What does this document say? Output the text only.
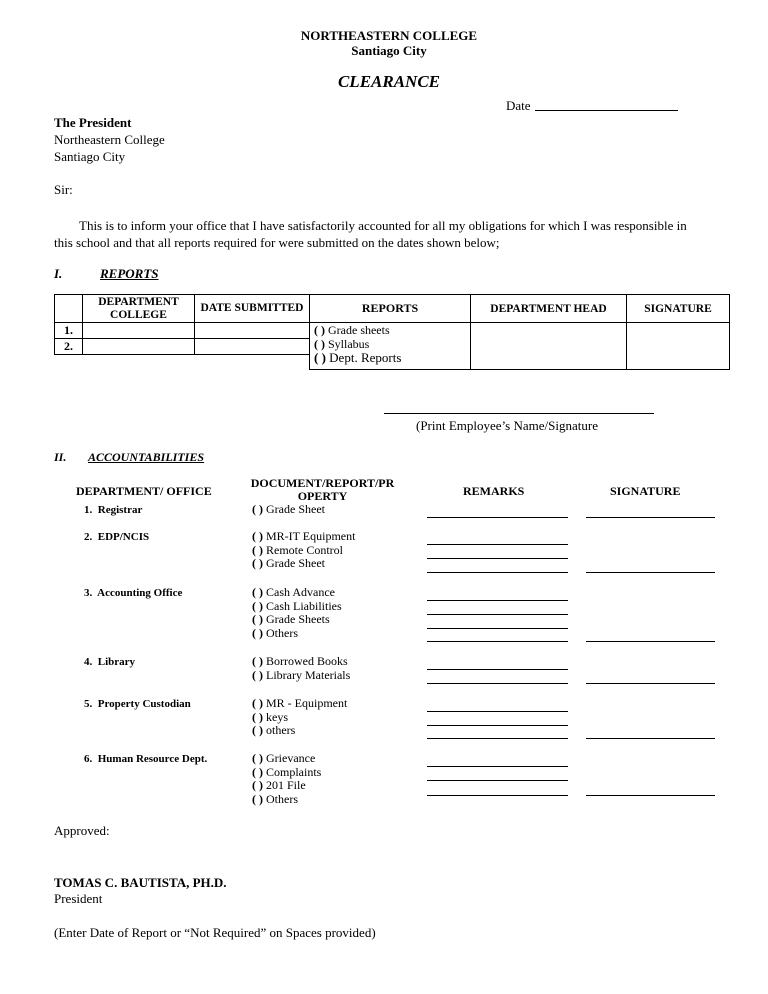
NORTHEASTERN COLLEGE
Santiago City
CLEARANCE
Date
The President
Northeastern College
Santiago City
Sir:
This is to inform your office that I have satisfactorily accounted for all my obligations for which I was responsible in this school and that all reports required for were submitted on the dates shown below;
I.	REPORTS
	DEPARTMENT COLLEGE	DATE SUBMITTED	REPORTS	DEPARTMENT HEAD	SIGNATURE
1.			( ) Grade sheets
( ) Syllabus
( ) Dept. Reports		

2.					

(Print Employee’s Name/Signature
II. ACCOUNTABILITIES
DEPARTMENT/ OFFICE
DOCUMENT/REPORT/PROPERTY	REMARKS	SIGNATURE
1.  Registrar	( ) Grade Sheet
2.  EDP/NCIS	( ) MR-IT Equipment
( ) Remote Control
( ) Grade Sheet
3.  Accounting Office	( ) Cash Advance
( ) Cash Liabilities
( ) Grade Sheets
( ) Others
4.  Library	( ) Borrowed Books
( ) Library Materials
5.  Property Custodian	( ) MR - Equipment
( ) keys
( ) others
6.  Human Resource Dept.	( ) Grievance
( ) Complaints
( ) 201 File
( ) Others
Approved:
TOMAS C. BAUTISTA, PH.D.
President
(Enter Date of Report or “Not Required” on Spaces provided)
